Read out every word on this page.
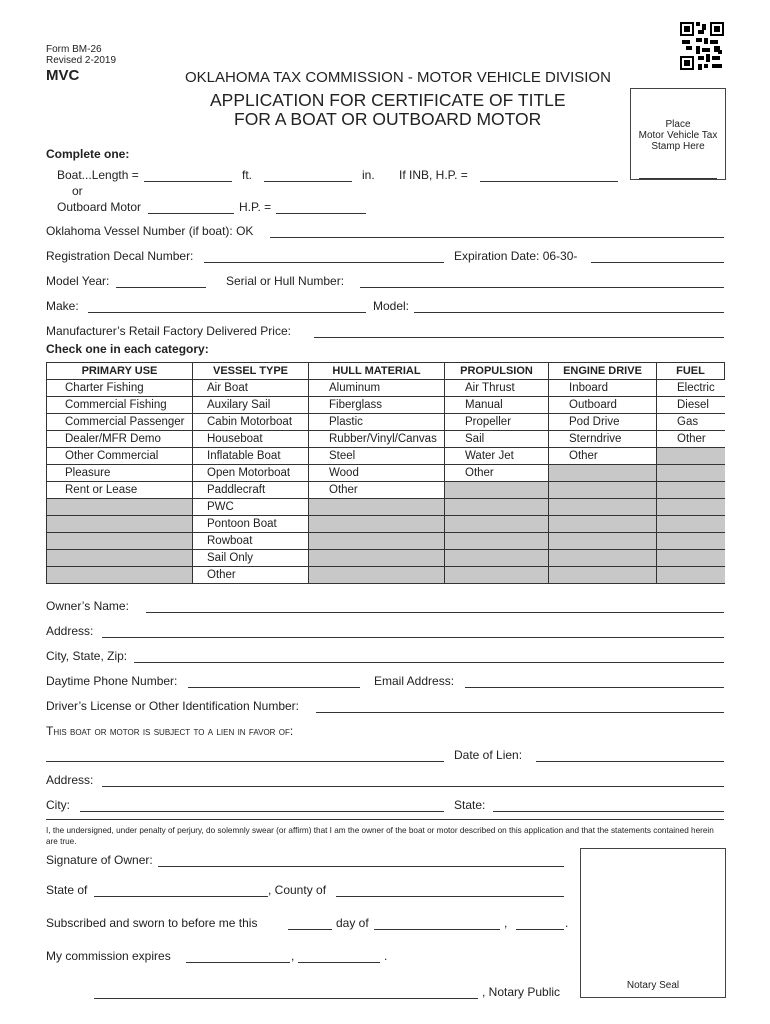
Form BM-26
Revised 2-2019
MVC	OKLAHOMA TAX COMMISSION - MOTOR VEHICLE DIVISION
APPLICATION FOR CERTIFICATE OF TITLE
FOR A BOAT OR OUTBOARD MOTOR	Place
Motor Vehicle Tax
Stamp Here
Complete one:
Boat...Length =	ft.	in. If INB, H.P. =
or
Outboard Motor	H.P. =
Oklahoma Vessel Number (if boat): OK
Registration Decal Number:	Expiration Date: 06-30-
Model Year:	Serial or Hull Number:
Make:	Model:
Manufacturer’s Retail Factory Delivered Price:
Check one in each category:
PRIMARY USE	VESSEL TYPE	HULL MATERIAL	PROPULSION	ENGINE DRIVE	FUEL
Charter Fishing	Air Boat	Aluminum	Air Thrust	Inboard	Electric
Commercial Fishing	Auxilary Sail	Fiberglass	Manual	Outboard	Diesel
Commercial Passenger	Cabin Motorboat	Plastic	Propeller	Pod Drive	Gas
Dealer/MFR Demo	Houseboat	Rubber/Vinyl/Canvas	Sail	Sterndrive	Other
Other Commercial	Inflatable Boat	Steel	Water Jet	Other	
Pleasure	Open Motorboat	Wood	Other		
Rent or Lease	Paddlecraft	Other			
	PWC				
	Pontoon Boat				
	Rowboat				
	Sail Only				
	Other				
Owner’s Name:
Address:
City, State, Zip:
Daytime Phone Number:	Email Address:
Driver’s License or Other Identification Number:
This boat or motor is subject to a lien in favor of:
Date of Lien:
Address:
City:	State:
I, the undersigned, under penalty of perjury, do solemnly swear (or affirm) that I am the owner of the boat or motor described on this application and that the statements contained herein are true.
Signature of Owner:
State of	, County of
Subscribed and sworn to before me this	day of	,	.
My commission expires	,	.
, Notary Public	Notary Seal
